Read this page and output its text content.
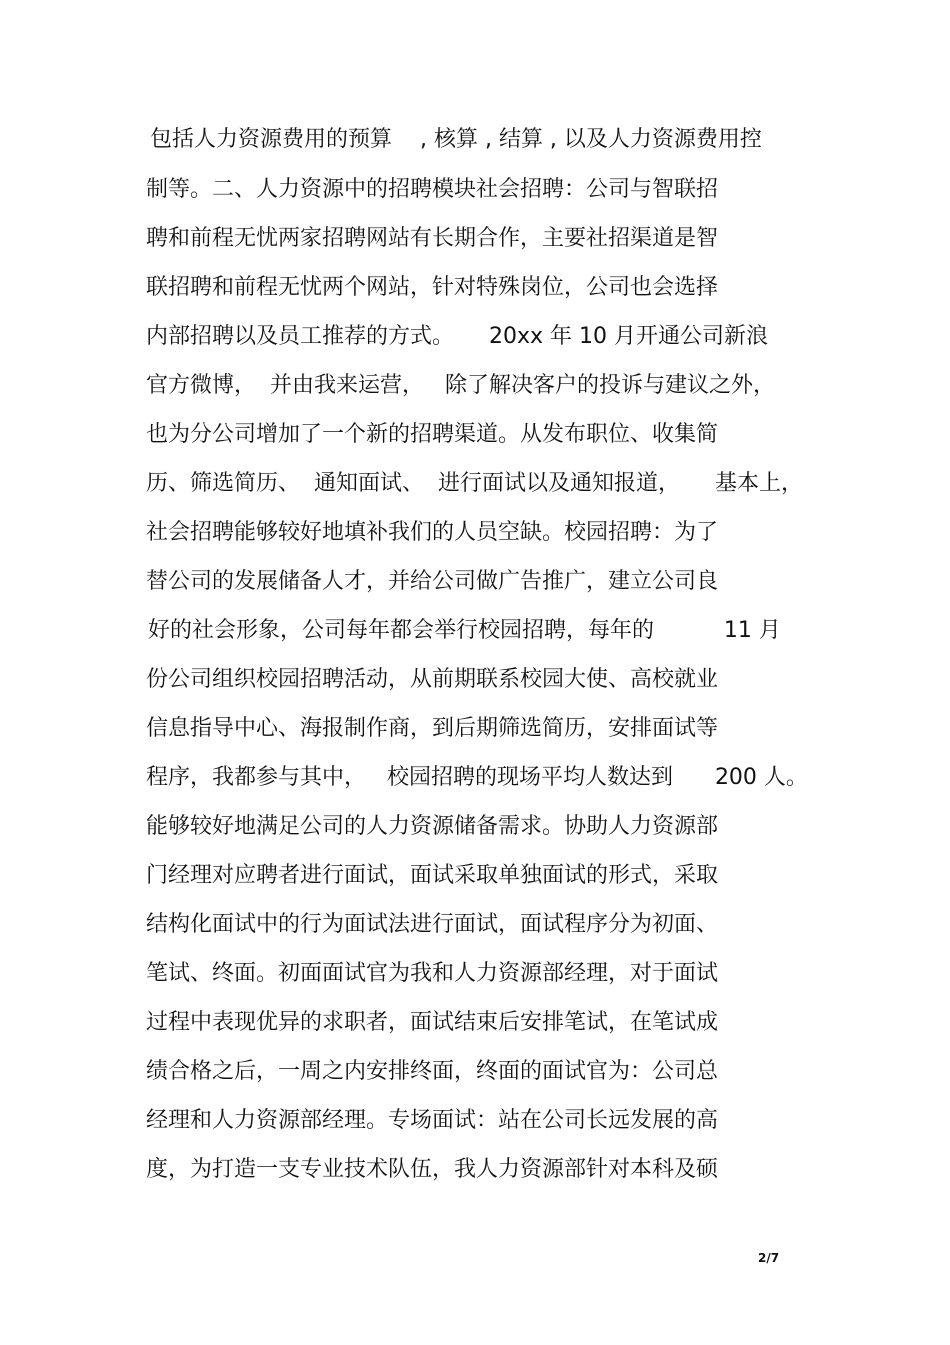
包括人力资源费用的预算    , 核算 , 结算 , 以及人力资源费用控
制等。二、人力资源中的招聘模块社会招聘：公司与智联招
聘和前程无忧两家招聘网站有长期合作，主要社招渠道是智
联招聘和前程无忧两个网站，针对特殊岗位，公司也会选择
内部招聘以及员工推荐的方式。     20xx 年 10 月开通公司新浪
官方微博，  并由我来运营，   除了解决客户的投诉与建议之外，
也为分公司增加了一个新的招聘渠道。从发布职位、收集简
历、筛选简历、  通知面试、  进行面试以及通知报道，     基本上，
社会招聘能够较好地填补我们的人员空缺。校园招聘：为了
替公司的发展储备人才，并给公司做广告推广，建立公司良
好的社会形象，公司每年都会举行校园招聘，每年的          11 月
份公司组织校园招聘活动，从前期联系校园大使、高校就业
信息指导中心、海报制作商，到后期筛选简历，安排面试等
程序，我都参与其中，   校园招聘的现场平均人数达到      200 人。
能够较好地满足公司的人力资源储备需求。协助人力资源部
门经理对应聘者进行面试，面试采取单独面试的形式，采取
结构化面试中的行为面试法进行面试，面试程序分为初面、
笔试、终面。初面面试官为我和人力资源部经理，对于面试
过程中表现优异的求职者，面试结束后安排笔试，在笔试成
绩合格之后，一周之内安排终面，终面的面试官为：公司总
经理和人力资源部经理。专场面试：站在公司长远发展的高
度，为打造一支专业技术队伍，我人力资源部针对本科及硕
2/7
